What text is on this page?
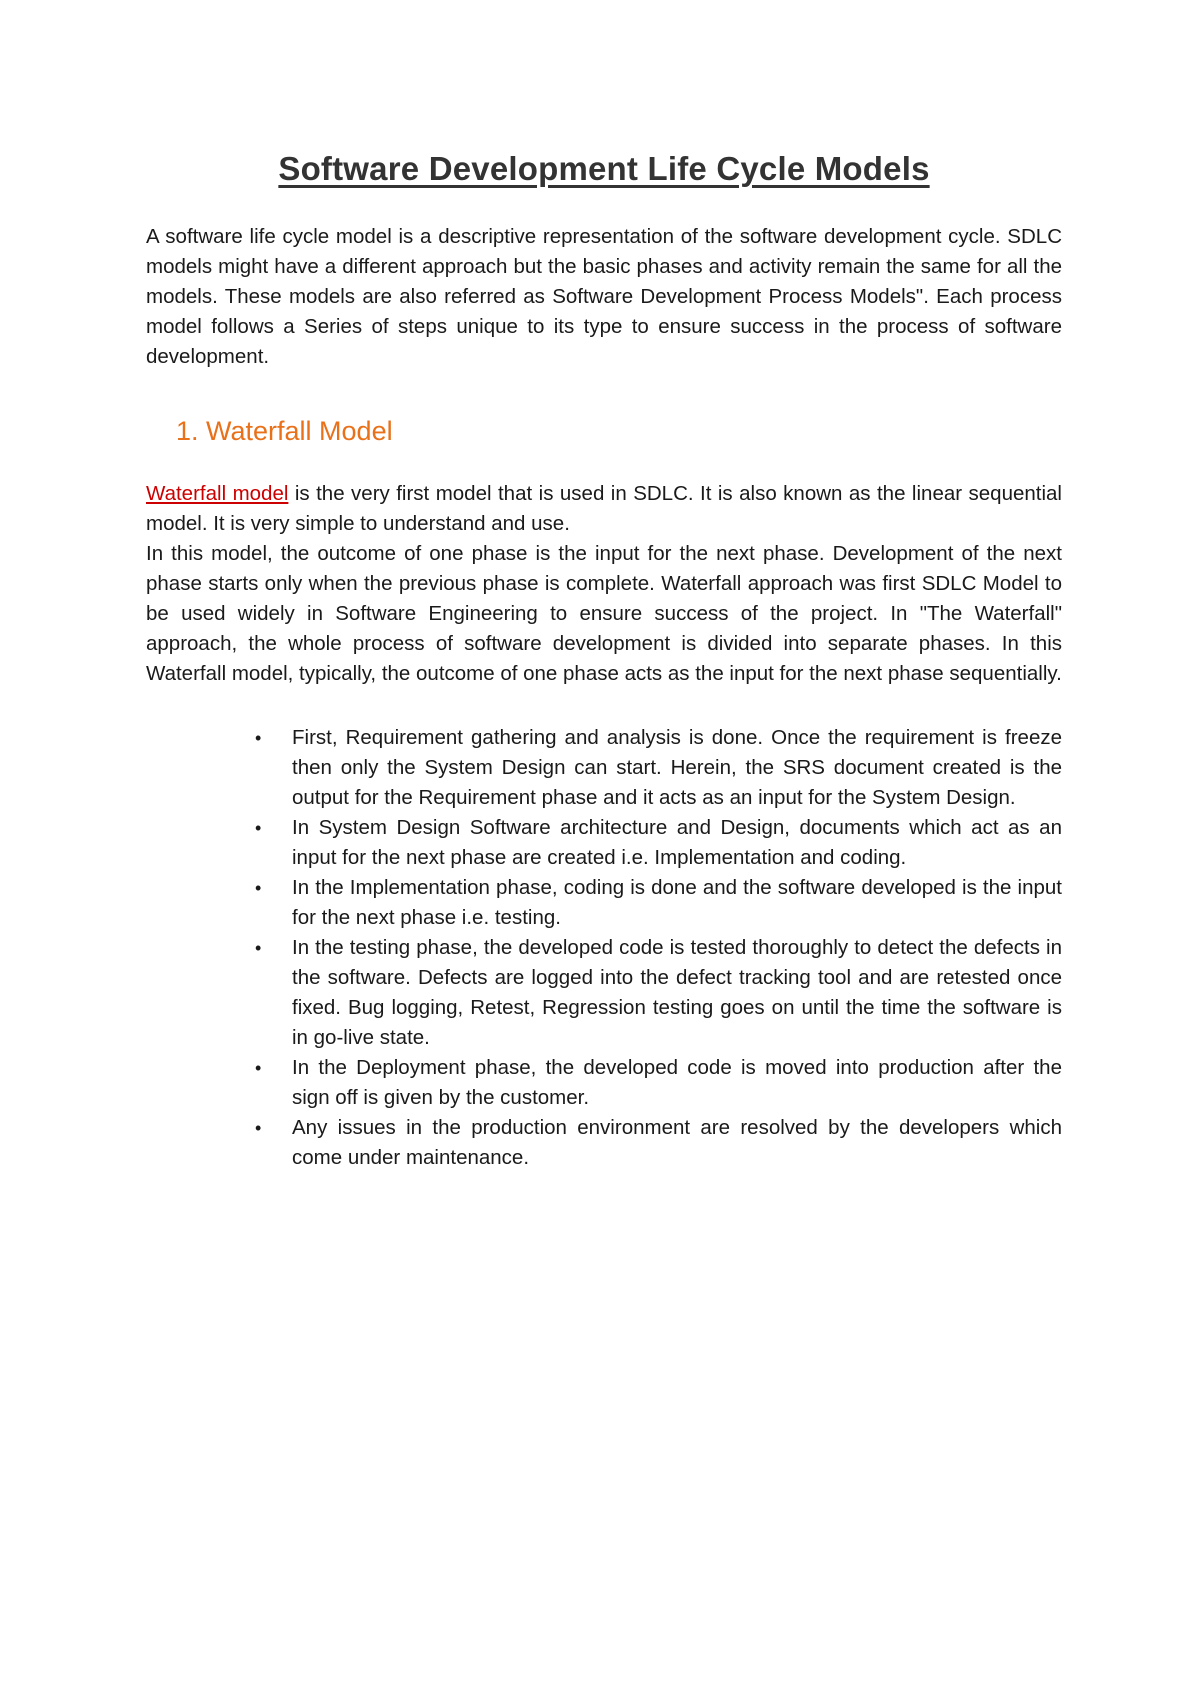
Software Development Life Cycle Models

A software life cycle model is a descriptive representation of the software development cycle. SDLC models might have a different approach but the basic phases and activity remain the same for all the models. These models are also referred as Software Development Process Models". Each process model follows a Series of steps unique to its type to ensure success in the process of software development.

1. Waterfall Model

Waterfall model is the very first model that is used in SDLC. It is also known as the linear sequential model. It is very simple to understand and use.

In this model, the outcome of one phase is the input for the next phase. Development of the next phase starts only when the previous phase is complete. Waterfall approach was first SDLC Model to be used widely in Software Engineering to ensure success of the project. In "The Waterfall" approach, the whole process of software development is divided into separate phases. In this Waterfall model, typically, the outcome of one phase acts as the input for the next phase sequentially.

• First, Requirement gathering and analysis is done. Once the requirement is freeze then only the System Design can start. Herein, the SRS document created is the output for the Requirement phase and it acts as an input for the System Design.
• In System Design Software architecture and Design, documents which act as an input for the next phase are created i.e. Implementation and coding.
• In the Implementation phase, coding is done and the software developed is the input for the next phase i.e. testing.
• In the testing phase, the developed code is tested thoroughly to detect the defects in the software. Defects are logged into the defect tracking tool and are retested once fixed. Bug logging, Retest, Regression testing goes on until the time the software is in go-live state.
• In the Deployment phase, the developed code is moved into production after the sign off is given by the customer.
• Any issues in the production environment are resolved by the developers which come under maintenance.
